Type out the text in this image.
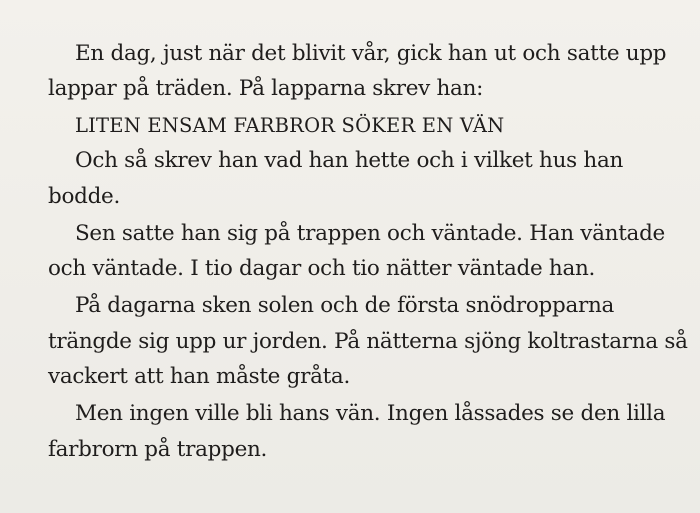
En dag, just när det blivit vår, gick han ut och satte upp
lappar på träden. På lapparna skrev han:
LITEN ENSAM FARBROR SÖKER EN VÄN
Och så skrev han vad han hette och i vilket hus han
bodde.
Sen satte han sig på trappen och väntade. Han väntade
och väntade. I tio dagar och tio nätter väntade han.
På dagarna sken solen och de första snödropparna
trängde sig upp ur jorden. På nätterna sjöng koltrastarna så
vackert att han måste gråta.
Men ingen ville bli hans vän. Ingen låssades se den lilla
farbrorn på trappen.
